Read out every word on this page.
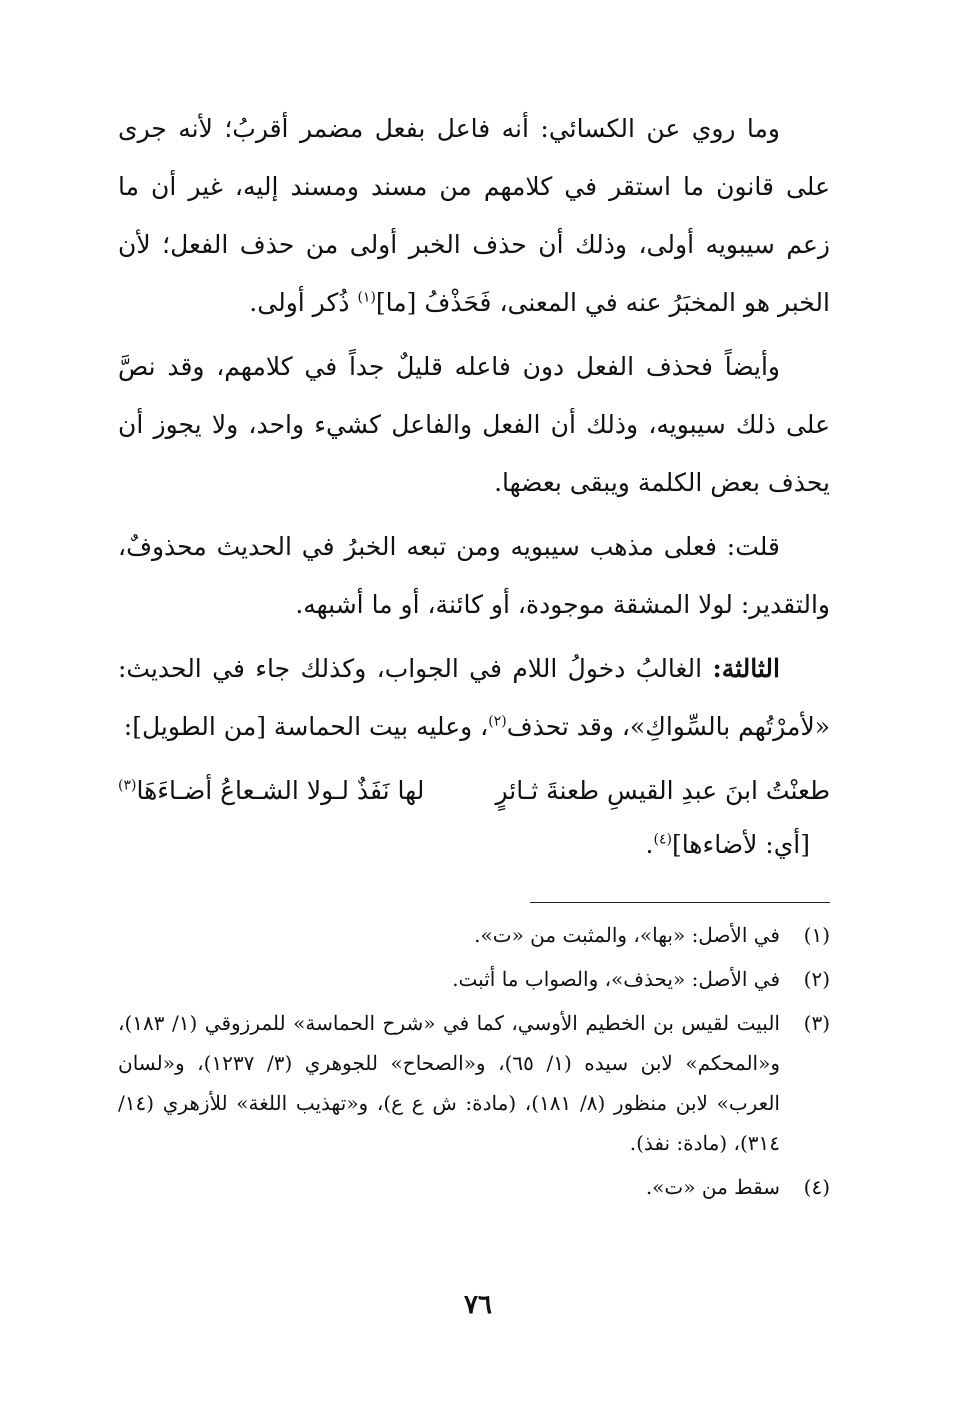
وما روي عن الكسائي: أنه فاعل بفعل مضمر أقربُ؛ لأنه جرى على قانون ما استقر في كلامهم من مسند ومسند إليه، غير أن ما زعم سيبويه أولى، وذلك أن حذف الخبر أولى من حذف الفعل؛ لأن الخبر هو المخبَرُ عنه في المعنى، فَحَذْفُ [ما]$^{(١)}$ ذُكر أولى.

وأيضاً فحذف الفعل دون فاعله قليلٌ جداً في كلامهم، وقد نصَّ على ذلك سيبويه، وذلك أن الفعل والفاعل كشيء واحد، ولا يجوز أن يحذف بعض الكلمة ويبقى بعضها.

قلت: فعلى مذهب سيبويه ومن تبعه الخبرُ في الحديث محذوفٌ، والتقدير: لولا المشقة موجودة، أو كائنة، أو ما أشبهه.

الثالثة: الغالبُ دخولُ اللام في الجواب، وكذلك جاء في الحديث: «لأمرْتُهم بالسِّواكِ»، وقد تحذف$^{(٢)}$، وعليه بيت الحماسة [من الطويل]:

طعنْتُ ابنَ عبدِ القيسِ طعنةَ ثـائرٍ
لها نَفَذٌ لـولا الشـعاعُ أضـاءَهَا$^{(٣)}$
[أي: لأضاءها]$^{(٤)}$.
(١)
في الأصل: «بها»، والمثبت من «ت».
(٢)
في الأصل: «يحذف»، والصواب ما أثبت.
(٣)
البيت لقيس بن الخطيم الأوسي، كما في «شرح الحماسة» للمرزوقي (١/ ١٨٣)، و«المحكم» لابن سيده (١/ ٦٥)، و«الصحاح» للجوهري (٣/ ١٢٣٧)، و«لسان العرب» لابن منظور (٨/ ١٨١)، (مادة: ش ع ع)، و«تهذيب اللغة» للأزهري (١٤/ ٣١٤)، (مادة: نفذ).
(٤)
سقط من «ت».
٧٦
